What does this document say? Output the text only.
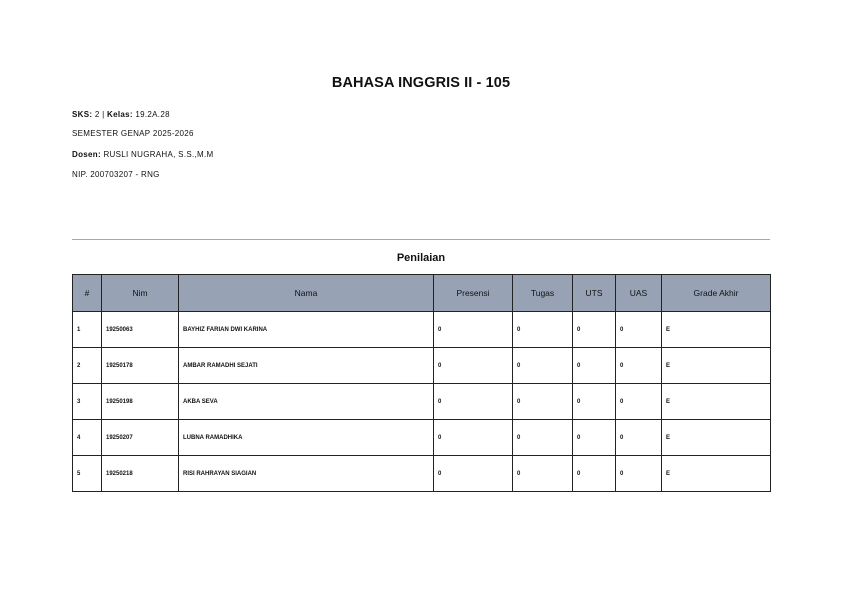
BAHASA INGGRIS II - 105
SKS: 2 | Kelas: 19.2A.28
SEMESTER GENAP 2025-2026
Dosen: RUSLI NUGRAHA, S.S.,M.M
NIP. 200703207 - RNG
Penilaian
#	Nim	Nama	Presensi	Tugas	UTS	UAS	Grade Akhir
1	19250063	BAYHIZ FARIAN DWI KARINA	0	0	0	0	E
2	19250178	AMBAR RAMADHI SEJATI	0	0	0	0	E
3	19250198	AKBA SEVA	0	0	0	0	E
4	19250207	LUBNA RAMADHIKA	0	0	0	0	E
5	19250218	RISI RAHRAYAN SIAGIAN	0	0	0	0	E
